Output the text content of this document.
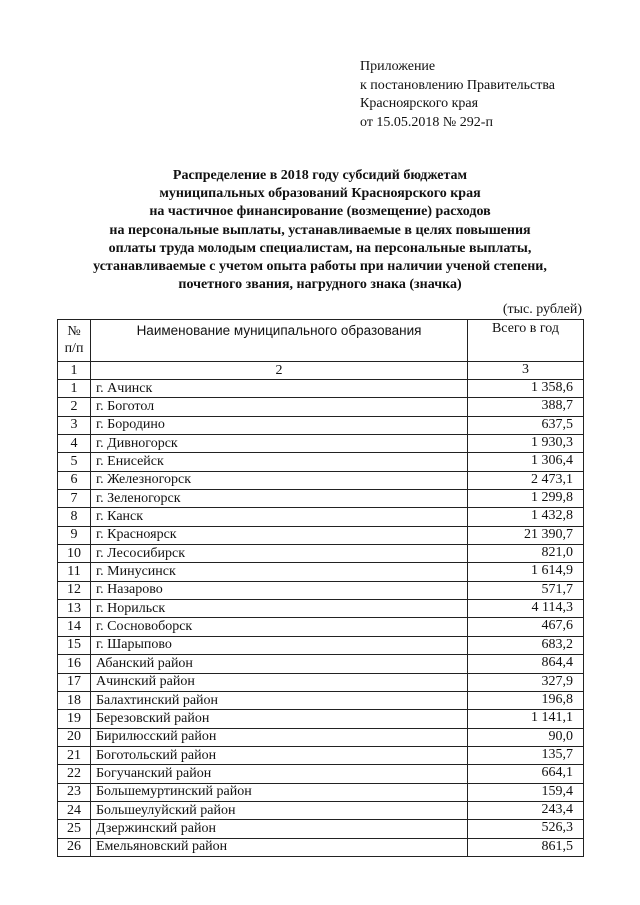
Приложение
к постановлению Правительства
Красноярского края
от 15.05.2018 № 292-п
Распределение в 2018 году субсидий бюджетам
муниципальных образований Красноярского края
на частичное финансирование (возмещение) расходов
на персональные выплаты, устанавливаемые в целях повышения
оплаты труда молодым специалистам, на персональные выплаты,
устанавливаемые с учетом опыта работы при наличии ученой степени,
почетного звания, нагрудного знака (значка)
(тыс. рублей)
№
п/п	Наименование муниципального образования	Всего в год
1	2	3
1	г. Ачинск	1 358,6
2	г. Боготол	388,7
3	г. Бородино	637,5
4	г. Дивногорск	1 930,3
5	г. Енисейск	1 306,4
6	г. Железногорск	2 473,1
7	г. Зеленогорск	1 299,8
8	г. Канск	1 432,8
9	г. Красноярск	21 390,7
10	г. Лесосибирск	821,0
11	г. Минусинск	1 614,9
12	г. Назарово	571,7
13	г. Норильск	4 114,3
14	г. Сосновоборск	467,6
15	г. Шарыпово	683,2
16	Абанский район	864,4
17	Ачинский район	327,9
18	Балахтинский район	196,8
19	Березовский район	1 141,1
20	Бирилюсский район	90,0
21	Боготольский район	135,7
22	Богучанский район	664,1
23	Большемуртинский район	159,4
24	Большеулуйский район	243,4
25	Дзержинский район	526,3
26	Емельяновский район	861,5
